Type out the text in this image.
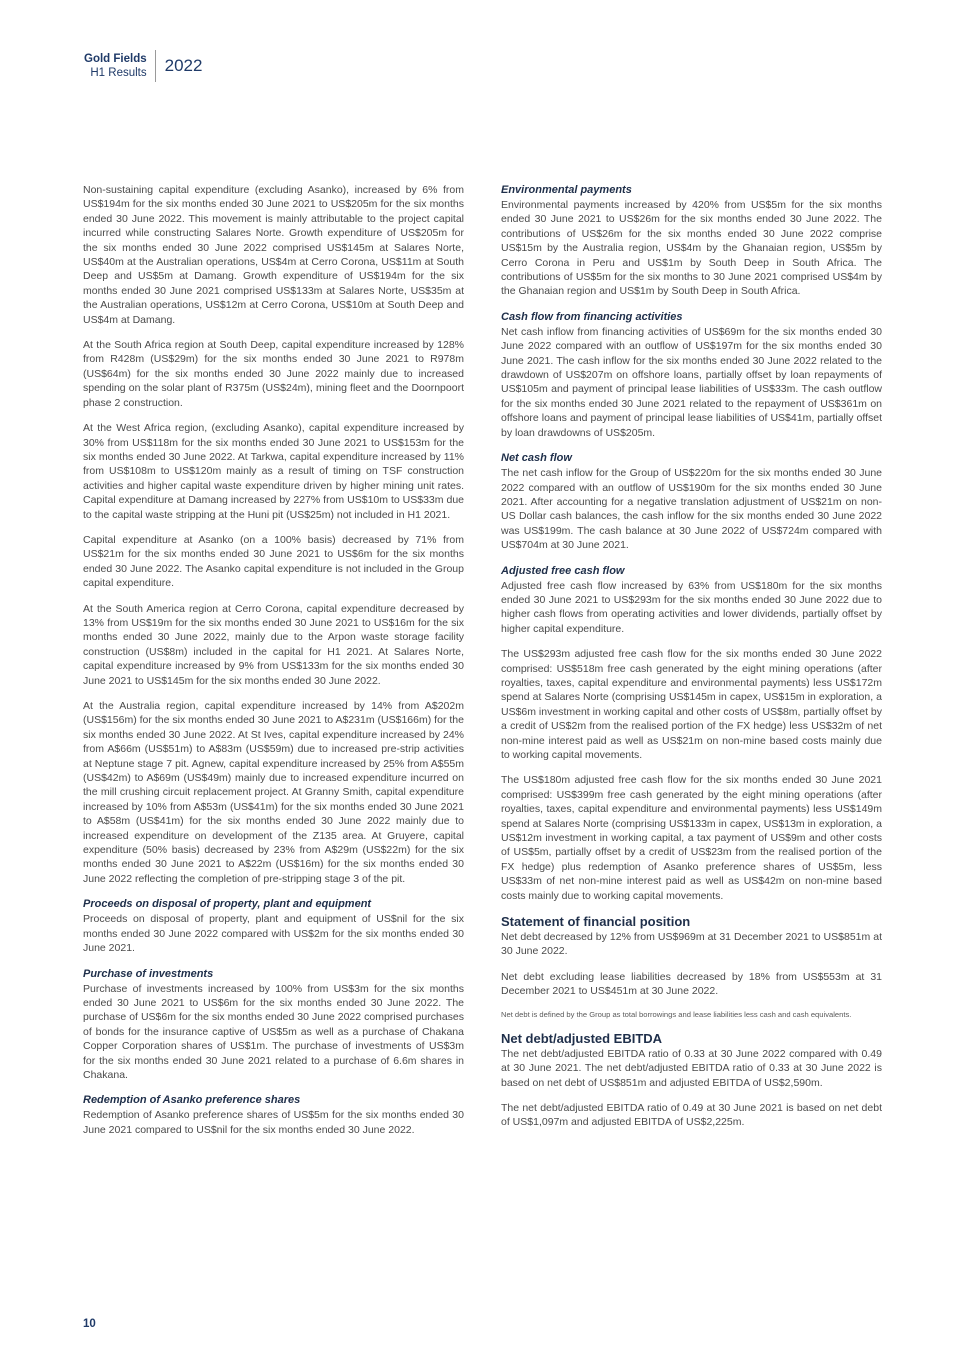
Gold Fields
H1 Results 2022

Non-sustaining capital expenditure (excluding Asanko), increased by 6% from US$194m for the six months ended 30 June 2021 to US$205m for the six months ended 30 June 2022. This movement is mainly attributable to the project capital incurred while constructing Salares Norte. Growth expenditure of US$205m for the six months ended 30 June 2022 comprised US$145m at Salares Norte, US$40m at the Australian operations, US$4m at Cerro Corona, US$11m at South Deep and US$5m at Damang. Growth expenditure of US$194m for the six months ended 30 June 2021 comprised US$133m at Salares Norte, US$35m at the Australian operations, US$12m at Cerro Corona, US$10m at South Deep and US$4m at Damang.

At the South Africa region at South Deep, capital expenditure increased by 128% from R428m (US$29m) for the six months ended 30 June 2021 to R978m (US$64m) for the six months ended 30 June 2022 mainly due to increased spending on the solar plant of R375m (US$24m), mining fleet and the Doornpoort phase 2 construction.

At the West Africa region, (excluding Asanko), capital expenditure increased by 30% from US$118m for the six months ended 30 June 2021 to US$153m for the six months ended 30 June 2022. At Tarkwa, capital expenditure increased by 11% from US$108m to US$120m mainly as a result of timing on TSF construction activities and higher capital waste expenditure driven by higher mining unit rates. Capital expenditure at Damang increased by 227% from US$10m to US$33m due to the capital waste stripping at the Huni pit (US$25m) not included in H1 2021.

Capital expenditure at Asanko (on a 100% basis) decreased by 71% from US$21m for the six months ended 30 June 2021 to US$6m for the six months ended 30 June 2022. The Asanko capital expenditure is not included in the Group capital expenditure.

At the South America region at Cerro Corona, capital expenditure decreased by 13% from US$19m for the six months ended 30 June 2021 to US$16m for the six months ended 30 June 2022, mainly due to the Arpon waste storage facility construction (US$8m) included in the capital for H1 2021. At Salares Norte, capital expenditure increased by 9% from US$133m for the six months ended 30 June 2021 to US$145m for the six months ended 30 June 2022.

At the Australia region, capital expenditure increased by 14% from A$202m (US$156m) for the six months ended 30 June 2021 to A$231m (US$166m) for the six months ended 30 June 2022. At St Ives, capital expenditure increased by 24% from A$66m (US$51m) to A$83m (US$59m) due to increased pre-strip activities at Neptune stage 7 pit. Agnew, capital expenditure increased by 25% from A$55m (US$42m) to A$69m (US$49m) mainly due to increased expenditure incurred on the mill crushing circuit replacement project. At Granny Smith, capital expenditure increased by 10% from A$53m (US$41m) for the six months ended 30 June 2021 to A$58m (US$41m) for the six months ended 30 June 2022 mainly due to increased expenditure on development of the Z135 area. At Gruyere, capital expenditure (50% basis) decreased by 23% from A$29m (US$22m) for the six months ended 30 June 2021 to A$22m (US$16m) for the six months ended 30 June 2022 reflecting the completion of pre-stripping stage 3 of the pit.

Proceeds on disposal of property, plant and equipment

Proceeds on disposal of property, plant and equipment of US$nil for the six months ended 30 June 2022 compared with US$2m for the six months ended 30 June 2021.

Purchase of investments

Purchase of investments increased by 100% from US$3m for the six months ended 30 June 2021 to US$6m for the six months ended 30 June 2022. The purchase of US$6m for the six months ended 30 June 2022 comprised purchases of bonds for the insurance captive of US$5m as well as a purchase of Chakana Copper Corporation shares of US$1m. The purchase of investments of US$3m for the six months ended 30 June 2021 related to a purchase of 6.6m shares in Chakana.

Redemption of Asanko preference shares

Redemption of Asanko preference shares of US$5m for the six months ended 30 June 2021 compared to US$nil for the six months ended 30 June 2022.

Environmental payments

Environmental payments increased by 420% from US$5m for the six months ended 30 June 2021 to US$26m for the six months ended 30 June 2022. The contributions of US$26m for the six months ended 30 June 2022 comprise US$15m by the Australia region, US$4m by the Ghanaian region, US$5m by Cerro Corona in Peru and US$1m by South Deep in South Africa. The contributions of US$5m for the six months to 30 June 2021 comprised US$4m by the Ghanaian region and US$1m by South Deep in South Africa.

Cash flow from financing activities

Net cash inflow from financing activities of US$69m for the six months ended 30 June 2022 compared with an outflow of US$197m for the six months ended 30 June 2021. The cash inflow for the six months ended 30 June 2022 related to the drawdown of US$207m on offshore loans, partially offset by loan repayments of US$105m and payment of principal lease liabilities of US$33m. The cash outflow for the six months ended 30 June 2021 related to the repayment of US$361m on offshore loans and payment of principal lease liabilities of US$41m, partially offset by loan drawdowns of US$205m.

Net cash flow

The net cash inflow for the Group of US$220m for the six months ended 30 June 2022 compared with an outflow of US$190m for the six months ended 30 June 2021. After accounting for a negative translation adjustment of US$21m on non-US Dollar cash balances, the cash inflow for the six months ended 30 June 2022 was US$199m. The cash balance at 30 June 2022 of US$724m compared with US$704m at 30 June 2021.

Adjusted free cash flow

Adjusted free cash flow increased by 63% from US$180m for the six months ended 30 June 2021 to US$293m for the six months ended 30 June 2022 due to higher cash flows from operating activities and lower dividends, partially offset by higher capital expenditure.

The US$293m adjusted free cash flow for the six months ended 30 June 2022 comprised: US$518m free cash generated by the eight mining operations (after royalties, taxes, capital expenditure and environmental payments) less US$172m spend at Salares Norte (comprising US$145m in capex, US$15m in exploration, a US$6m investment in working capital and other costs of US$8m, partially offset by a credit of US$2m from the realised portion of the FX hedge) less US$32m of net non-mine interest paid as well as US$21m on non-mine based costs mainly due to working capital movements.

The US$180m adjusted free cash flow for the six months ended 30 June 2021 comprised: US$399m free cash generated by the eight mining operations (after royalties, taxes, capital expenditure and environmental payments) less US$149m spend at Salares Norte (comprising US$133m in capex, US$13m in exploration, a US$12m investment in working capital, a tax payment of US$9m and other costs of US$5m, partially offset by a credit of US$23m from the realised portion of the FX hedge) plus redemption of Asanko preference shares of US$5m, less US$33m of net non-mine interest paid as well as US$42m on non-mine based costs mainly due to working capital movements.

Statement of financial position

Net debt decreased by 12% from US$969m at 31 December 2021 to US$851m at 30 June 2022.

Net debt excluding lease liabilities decreased by 18% from US$553m at 31 December 2021 to US$451m at 30 June 2022.

Net debt is defined by the Group as total borrowings and lease liabilities less cash and cash equivalents.

Net debt/adjusted EBITDA

The net debt/adjusted EBITDA ratio of 0.33 at 30 June 2022 compared with 0.49 at 30 June 2021. The net debt/adjusted EBITDA ratio of 0.33 at 30 June 2022 is based on net debt of US$851m and adjusted EBITDA of US$2,590m.

The net debt/adjusted EBITDA ratio of 0.49 at 30 June 2021 is based on net debt of US$1,097m and adjusted EBITDA of US$2,225m.

10
